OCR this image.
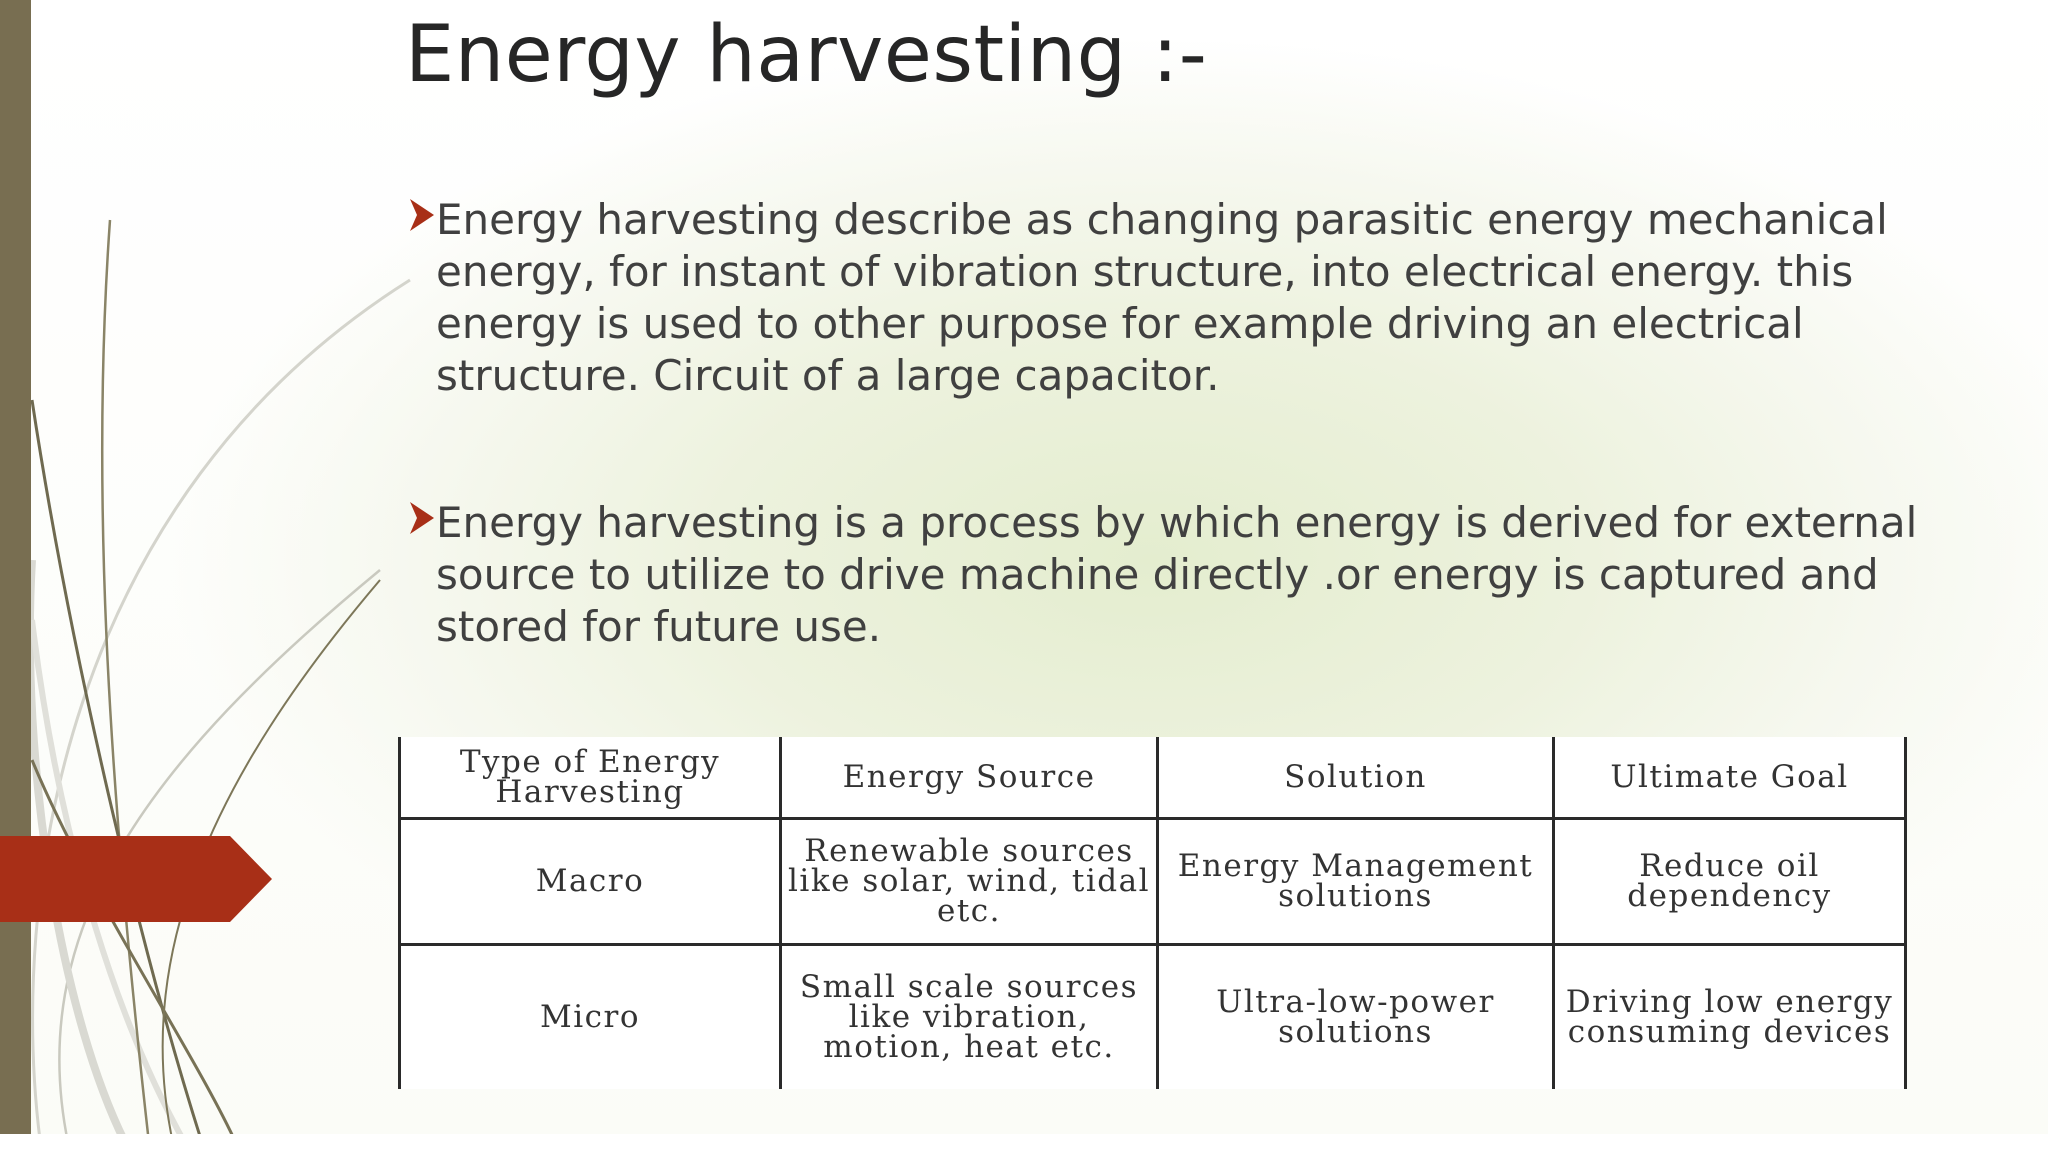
Energy harvesting :-
Energy harvesting describe as changing parasitic energy mechanical energy, for instant of vibration structure, into electrical energy. this energy is used to other purpose for example driving an electrical structure. Circuit of a large capacitor.
Energy harvesting is a process by which energy is derived for external source to utilize to drive machine directly .or energy is captured and stored for future use.
Type of Energy Harvesting	Energy Source	Solution	Ultimate Goal
Macro	Renewable sources like solar, wind, tidal etc.	Energy Management solutions	Reduce oil dependency
Micro	Small scale sources like vibration, motion, heat etc.	Ultra-low-power solutions	Driving low energy consuming devices
